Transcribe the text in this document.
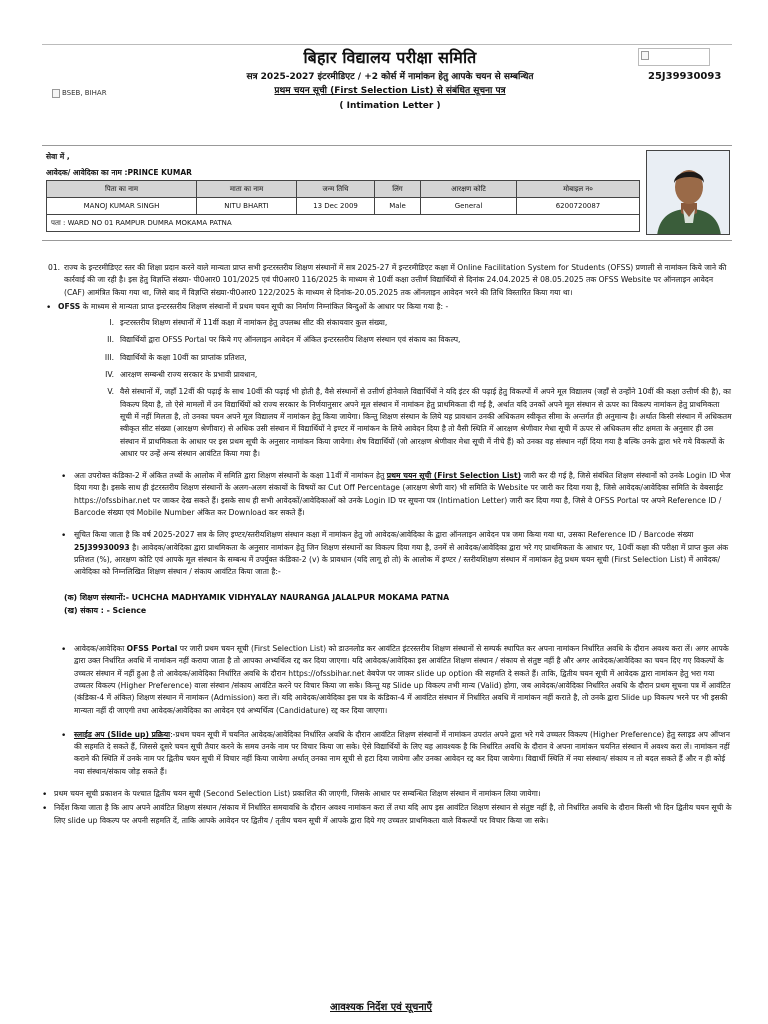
BSEB, BIHAR
बिहार विद्यालय परीक्षा समिति
सत्र 2025-2027 इंटरमीडिएट / +2 कोर्स में नामांकन हेतु आपके चयन से सम्बन्धित
प्रथम चयन सूची (First Selection List) से संबंधित सूचना पत्र
( Intimation Letter )
25J39930093
सेवा में ,
आवेदक/ आवेदिका का नाम :PRINCE KUMAR
पिता का नाम	माता का नाम	जन्म तिथि	लिंग	आरक्षण कोटि	मोबाइल न०
MANOJ KUMAR SINGH	NITU BHARTI	13 Dec 2009	Male	General	6200720087
पता : WARD NO 01 RAMPUR DUMRA MOKAMA PATNA					
01. राज्य के इन्टरमीडिएट स्तर की शिक्षा प्रदान करने वाले मान्यता प्राप्त सभी इन्टरस्तरीय शिक्षण संस्थानों में सत्र 2025-27 में इन्टरमीडिएट कक्षा में Online Facilitation System for Students (OFSS) प्रणाली से नामांकन किये जाने की कार्रवाई की जा रही है। इस हेतु विज्ञप्ति संख्या- पी0आर0 101/2025 एवं पी0आर0 116/2025 के माध्यम से 10वीं कक्षा उत्तीर्ण विद्यार्थियों से दिनांक 24.04.2025 से 08.05.2025 तक OFSS Website पर ऑनलाइन आवेदन (CAF) आमंत्रित किया गया था, जिसे बाद में विज्ञप्ति संख्या-पी0आर0 122/2025 के माध्यम से दिनांक-20.05.2025 तक ऑनलाइन आवेदन भरने की तिथि विस्तारित किया गया था।
• OFSS के माध्यम से मान्यता प्राप्त इन्टरस्तरीय शिक्षण संस्थानों में प्रथम चयन सूची का निर्माण निम्नांकित बिन्दुओं के आधार पर किया गया है: -
I. इन्टरस्तरीय शिक्षण संस्थानों में 11वीं कक्षा में नामांकन हेतु उपलब्ध सीट की संकायवार कुल संख्या,
II. विद्यार्थियों द्वारा OFSS Portal पर किये गए ऑनलाइन आवेदन में अंकित इन्टरस्तरीय शिक्षण संस्थान एवं संकाय का विकल्प,
III. विद्यार्थियों के कक्षा 10वीं का प्राप्तांक प्रतिशत,
IV. आरक्षण सम्बन्धी राज्य सरकार के प्रभावी प्रावधान,
V. वैसे संस्थानों में, जहाँ 12वीं की पढ़ाई के साथ 10वीं की पढ़ाई भी होती है, वैसे संस्थानों से उत्तीर्ण होनेवाले विद्यार्थियों ने यदि इंटर की पढ़ाई हेतु विकल्पों में अपने मूल विद्यालय (जहाँ से उन्होंने 10वीं की कक्षा उत्तीर्ण की है), का विकल्प दिया है, तो ऐसे मामलों में उन विद्यार्थियों को राज्य सरकार के निर्णयानुसार अपने मूल संस्थान में नामांकन हेतु प्राथमिकता दी गई है, अर्थात यदि उनकों अपने मूल संस्थान से ऊपर का विकल्प नामांकन हेतु प्राथमिकता सूची में नहीं मिलता है, तो उनका चयन अपने मूल विद्यालय में नामांकन हेतु किया जायेगा। किन्तु शिक्षण संस्थान के लिये यह प्रावधान उनकी अधिकतम स्वीकृत सीमा के अन्तर्गत ही अनुमान्य है। अर्थात किसी संस्थान में अधिकतम स्वीकृत सीट संख्या (आरक्षण श्रेणीवार) से अधिक उसी संस्थान में विद्यार्थियों ने इण्टर में नामांकन के लिये आवेदन दिया है तो वैसी स्थिति में आरक्षण श्रेणीवार मेधा सूची में ऊपर से अधिकतम सीट क्षमता के अनुसार ही उस संस्थान में प्राथमिकता के आधार पर इस प्रथम सूची के अनुसार नामांकन किया जायेगा। शेष विद्यार्थियों (जो आरक्षण श्रेणीवार मेधा सूची में नीचे हैं) को उनका वह संस्थान नहीं दिया गया है बल्कि उनके द्वारा भरे गये विकल्पों के आधार पर उन्हें अन्य संस्थान आवंटित किया गया है।
• अतः उपरोक्त कंडिका-2 में अंकित तथ्यों के आलोक में समिति द्वारा शिक्षण संस्थानों के कक्षा 11वीं में नामांकन हेतु प्रथम चयन सूची (First Selection List) जारी कर दी गई है, जिसे संबंधित शिक्षण संस्थानों को उनके Login ID भेज दिया गया है। इसके साथ ही इंटरस्तरीय शिक्षण संस्थानों के अलग-अलग संकायों के विषयों का Cut Off Percentage (आरक्षण श्रेणी वार) भी समिति के Website पर जारी कर दिया गया है, जिसे आवेदक/आवेदिका समिति के वेबसाईट https://ofssbihar.net पर जाकर देख सकते हैं। इसके साथ ही सभी आवेदकों/आवेदिकाओं को उनके Login ID पर सूचना पत्र (Intimation Letter) जारी कर दिया गया है, जिसे वे OFSS Portal पर अपने Reference ID / Barcode संख्या एवं Mobile Number अंकित कर Download कर सकते हैं।
• सूचित किया जाता है कि वर्ष 2025-2027 सत्र के लिए इण्टर/स्तरीयशिक्षण संस्थान कक्षा में नामांकन हेतु जो आवेदक/आवेदिका के द्वारा ऑनलाइन आवेदन पत्र जमा किया गया था, उसका Reference ID / Barcode संख्या 25J39930093 है। आवेदक/आवेदिका द्वारा प्राथमिकता के अनुसार नामांकन हेतु जिन शिक्षण संस्थानों का विकल्प दिया गया है, उनमें से आवेदक/आवेदिका द्वारा भरे गए प्राथमिकता के आधार पर, 10वीं कक्षा की परीक्षा में प्राप्त कुल अंक प्रतिशत (%), आरक्षण कोटि एवं आपके मूल संस्थान के सम्बन्ध में उपर्युक्त कंडिका-2 (v) के प्रावधान (यदि लागू हो तो) के आलोक में इण्टर / स्तरीयशिक्षण संस्थान में नामांकन हेतु प्रथम चयन सूची (First Selection List) में आवेदक/आवेदिका को निम्नलिखित शिक्षण संस्थान / संकाय आवंटित किया जाता है:-
(क) शिक्षण संस्थानों:- UCHCHA MADHYAMIK VIDHYALAY NAURANGA JALALPUR MOKAMA PATNA
(ख) संकाय : - Science
• आवेदक/आवेदिका OFSS Portal पर जारी प्रथम चयन सूची (First Selection List) को डाउनलोड कर आवंटित इंटरस्तरीय शिक्षण संस्थानों से सम्पर्क स्थापित कर अपना नामांकन निर्धारित अवधि के दौरान अवश्य करा लें। अगर आपके द्वारा उक्त निर्धारित अवधि में नामांकन नहीं कराया जाता है तो आपका अभ्यर्थित्व रद्द कर दिया जाएगा। यदि आवेदक/आवेदिका इस आवंटित शिक्षण संस्थान / संकाय से संतुष्ट नहीं है और अगर आवेदक/आवेदिका का चयन दिए गए विकल्पों के उच्चतर संस्थान में नहीं हुआ है तो आवेदक/आवेदिका निर्धारित अवधि के दौरान https://ofssbihar.net वेबपेज पर जाकर slide up option की सहमति दे सकते हैं। ताकि, द्वितीय चयन सूची में आवेदक द्वारा नामांकन हेतु भरा गया उच्चतर विकल्प (Higher Preference) वाला संस्थान /संकाय आवंटित करने पर विचार किया जा सके। किन्तु यह Slide up विकल्प तभी मान्य (Valid) होगा, जब आवेदक/आवेदिका निर्धारित अवधि के दौरान प्रथम सूचना पत्र में आवंटित (कंडिका-4 में अंकित) शिक्षण संस्थान में नामांकन (Admission) करा लें। यदि आवेदक/आवेदिका इस पत्र के कंडिका-4 में आवंटित संस्थान में निर्धारित अवधि में नामांकन नहीं कराते है, तो उनके द्वारा Slide up विकल्प भरने पर भी इसकी मान्यता नहीं दी जाएगी तथा आवेदक/आवेदिका का आवेदन एवं अभ्यर्थित्व (Candidature) रद्द कर दिया जाएगा।
• स्लाईड अप (Slide up) प्रक्रिया:-प्रथम चयन सूची में चयनित आवेदक/आवेदिका निर्धारित अवधि के दौरान आवंटित शिक्षण संस्थानों में नामांकन उपरांत अपने द्वारा भरे गये उच्चतर विकल्प (Higher Preference) हेतु स्लाइड अप ऑप्शन की सहमति दे सकते हैं, जिससे दूसरे चयन सूची तैयार करने के समय उनके नाम पर विचार किया जा सके। ऐसे विद्यार्थियों के लिए यह आवश्यक है कि निर्धारित अवधि के दौरान वे अपना नामांकन चयनित संस्थान में अवश्य करा लें। नामांकन नहीं कराने की स्थिति में उनके नाम पर द्वितीय चयन सूची में विचार नहीं किया जायेगा अर्थात् उनका नाम सूची से हटा दिया जायेगा और उनका आवेदन रद्द कर दिया जायेगा। विद्यार्थी स्थिति में नया संस्थान/ संकाय न तो बदल सकते हैं और न ही कोई नया संस्थान/संकाय जोड़ सकते हैं।
• प्रथम चयन सूची प्रकाशन के पश्चात द्वितीय चयन सूची (Second Selection List) प्रकाशित की जाएगी, जिसके आधार पर सम्बन्धित शिक्षण संस्थान में नामांकन लिया जायेगा।
• निर्देश किया जाता है कि आप अपने आवंटित शिक्षण संस्थान /संकाय में निर्धारित समयावधि के दौरान अवश्य नामांकन करा लें तथा यदि आप इस आवंटित शिक्षण संस्थान से संतुष्ट नहीं है, तो निर्धारित अवधि के दौरान किसी भी दिन द्वितीय चयन सूची के लिए slide up विकल्प पर अपनी सहमति दें, ताकि आपके आवेदन पर द्वितीय / तृतीय चयन सूची में आपके द्वारा दिये गए उच्चतर प्राथमिकता वाले विकल्पों पर विचार किया जा सके।
आवश्यक निर्देश एवं सूचनाएँ
